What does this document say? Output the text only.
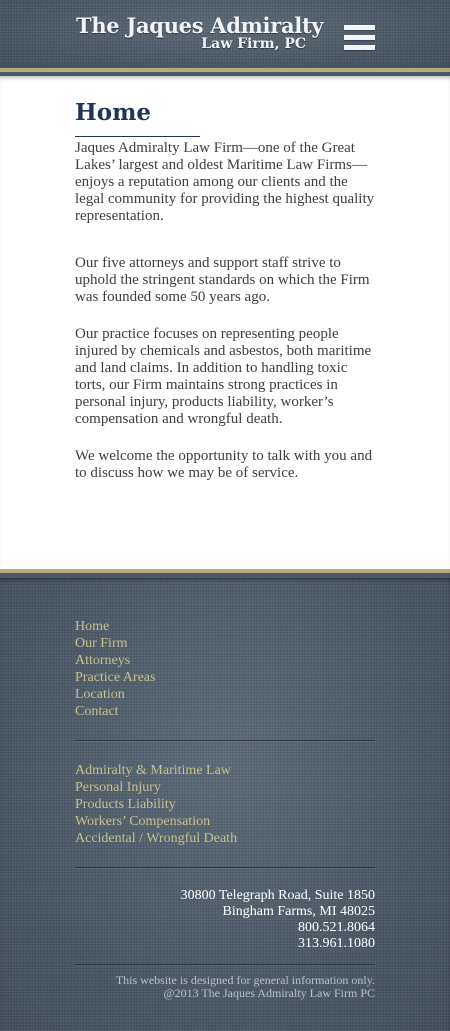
The Jaques Admiralty
Law Firm, PC
Home

Jaques Admiralty Law Firm—one of the Great Lakes’ largest and oldest Maritime Law Firms—enjoys a reputation among our clients and the legal community for providing the highest quality representation.

Our five attorneys and support staff strive to uphold the stringent standards on which the Firm was founded some 50 years ago.

Our practice focuses on representing people injured by chemicals and asbestos, both maritime and land claims. In addition to handling toxic torts, our Firm maintains strong practices in personal injury, products liability, worker’s compensation and wrongful death.

We welcome the opportunity to talk with you and to discuss how we may be of service.

Home
Our Firm
Attorneys
Practice Areas
Location
Contact
Admiralty & Maritime Law
Personal Injury
Products Liability
Workers’ Compensation
Accidental / Wrongful Death
30800 Telegraph Road, Suite 1850
Bingham Farms, MI 48025
800.521.8064
313.961.1080
This website is designed for general information only.
@2013 The Jaques Admiralty Law Firm PC
